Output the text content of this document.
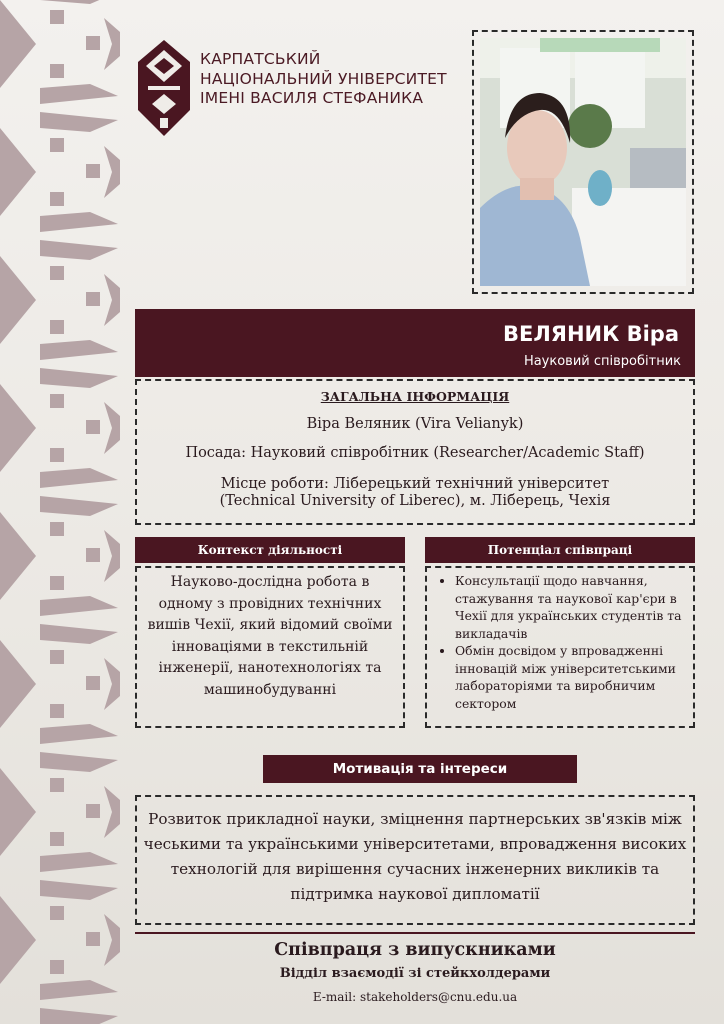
КАРПАТСЬКИЙ
НАЦІОНАЛЬНИЙ УНІВЕРСИТЕТ
ІМЕНІ ВАСИЛЯ СТЕФАНИКА
ВЕЛЯНИК Віра
Науковий співробітник
ЗАГАЛЬНА ІНФОРМАЦІЯ
Віра Веляник (Vira Velianyk)
Посада: Науковий співробітник (Researcher/Academic Staff)
Місце роботи: Ліберецький технічний університет
(Technical University of Liberec), м. Ліберець, Чехія
Контекст діяльності
Науково-дослідна робота в одному з провідних технічних вишів Чехії, який відомий своїми інноваціями в текстильній інженерії, нанотехнологіях та машинобудуванні
Потенціал співпраці
• Консультації щодо навчання, стажування та наукової кар'єри в Чехії для українських студентів та викладачів
• Обмін досвідом у впровадженні інновацій між університетськими лабораторіями та виробничим сектором
Мотивація та інтереси
Розвиток прикладної науки, зміцнення партнерських зв'язків між чеськими та українськими університетами, впровадження високих технологій для вирішення сучасних інженерних викликів та підтримка наукової дипломатії
Співпраця з випускниками
Відділ взаємодії зі стейкхолдерами
E-mail: stakeholders@cnu.edu.ua
